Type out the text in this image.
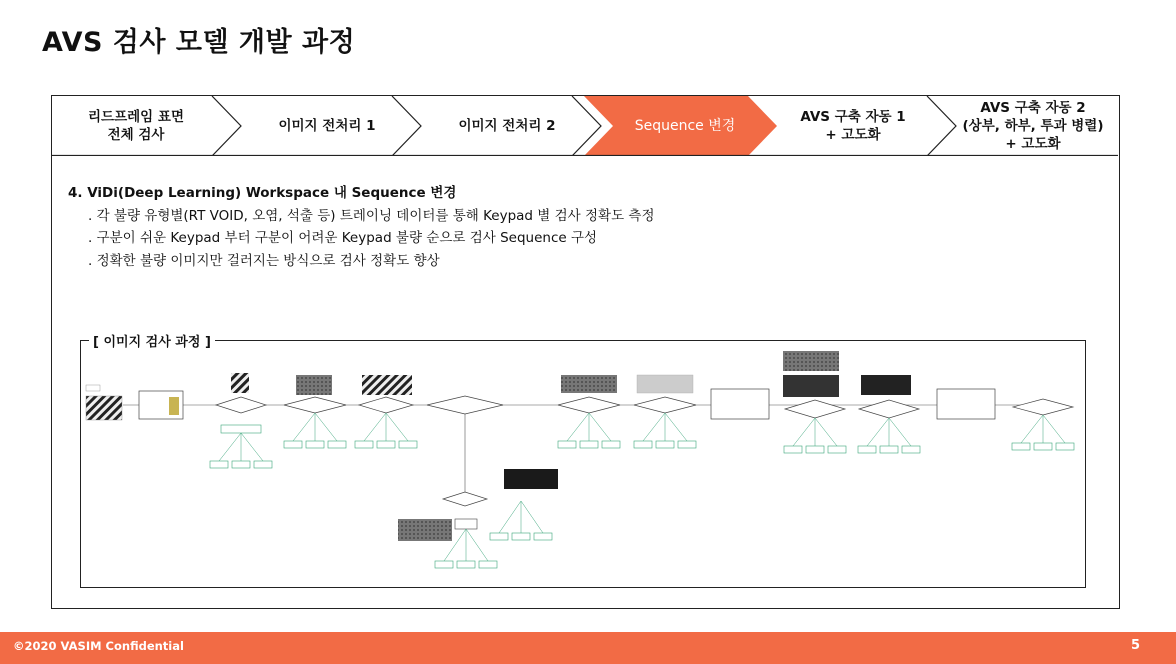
AVS 검사 모델 개발 과정
리드프레임 표면
전체 검사
이미지 전처리 1	이미지 전처리 2	Sequence 변경
AVS 구축 자동 1
+ 고도화
AVS 구축 자동 2
(상부, 하부, 투과 병렬)
+ 고도화
4. ViDi(Deep Learning) Workspace 내 Sequence 변경
. 각 불량 유형별(RT VOID, 오염, 석출 등) 트레이닝 데이터를 통해 Keypad 별 검사 정확도 측정
. 구분이 쉬운 Keypad 부터 구분이 어려운 Keypad 불량 순으로 검사 Sequence 구성
. 정확한 불량 이미지만 걸러지는 방식으로 검사 정확도 향상
[ 이미지 검사 과정 ]
©2020 VASIM Confidential	5
